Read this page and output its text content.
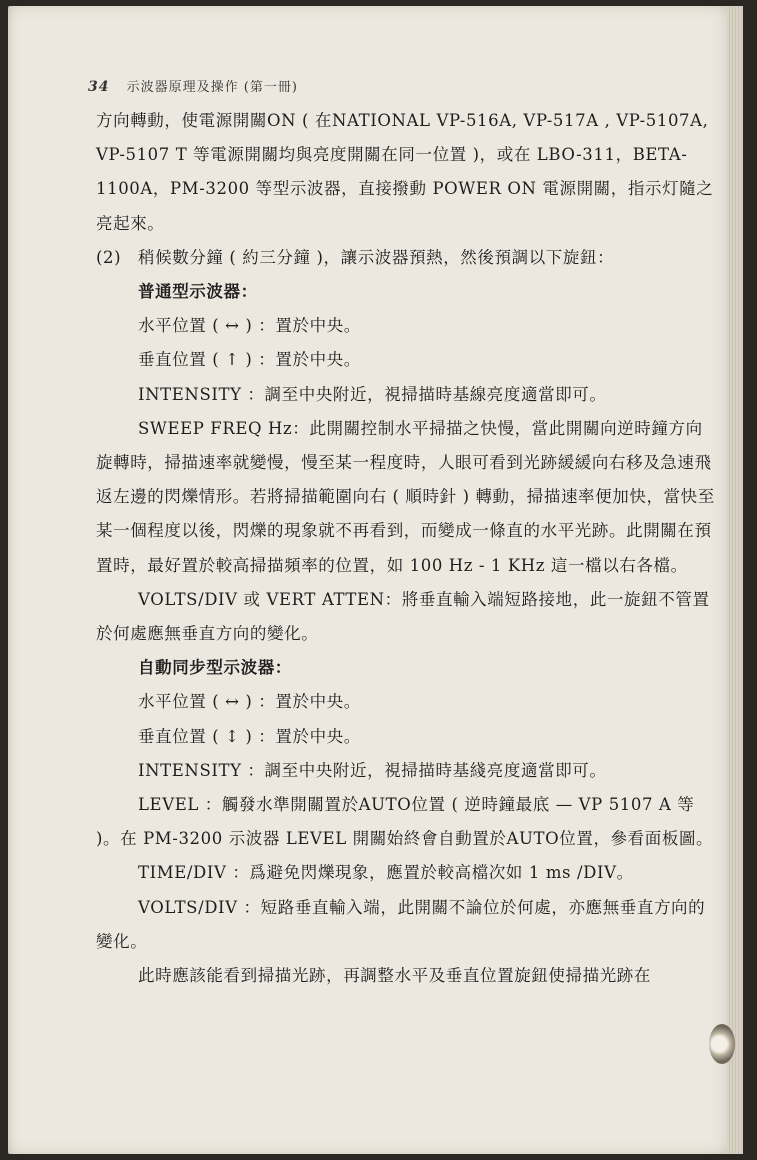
34 示波器原理及操作 (第一冊)

方向轉動，使電源開關ON ( 在NATIONAL VP-516A, VP-517A , VP-5107A, VP-5107 T 等電源開關均與亮度開關在同一位置 )，或在 LBO-311，BETA-1100A，PM-3200 等型示波器，直接撥動 POWER ON 電源開關，指示灯隨之亮起來。

(2) 稍候數分鐘 ( 約三分鐘 )，讓示波器預熱，然後預調以下旋鈕：

普通型示波器：

水平位置 ( ↔ ) ：置於中央。

垂直位置 ( ↑ ) ：置於中央。

INTENSITY ：調至中央附近，視掃描時基線亮度適當即可。

SWEEP FREQ Hz：此開關控制水平掃描之快慢，當此開關向逆時鐘方向旋轉時，掃描速率就變慢，慢至某一程度時，人眼可看到光跡緩緩向右移及急速飛返左邊的閃爍情形。若將掃描範圍向右 ( 順時針 ) 轉動，掃描速率便加快，當快至某一個程度以後，閃爍的現象就不再看到，而變成一條直的水平光跡。此開關在預置時，最好置於較高掃描頻率的位置，如 100 Hz - 1 KHz 這一檔以右各檔。

VOLTS/DIV 或 VERT ATTEN：將垂直輸入端短路接地，此一旋鈕不管置於何處應無垂直方向的變化。

自動同步型示波器：

水平位置 ( ↔ ) ：置於中央。

垂直位置 ( ↕ ) ：置於中央。

INTENSITY ：調至中央附近，視掃描時基綫亮度適當即可。

LEVEL ：觸發水準開關置於AUTO位置 ( 逆時鐘最底 — VP 5107 A 等 )。在 PM-3200 示波器 LEVEL 開關始終會自動置於AUTO位置，參看面板圖。

TIME/DIV ：爲避免閃爍現象，應置於較高檔次如 1 ms /DIV。

VOLTS/DIV ：短路垂直輸入端，此開關不論位於何處，亦應無垂直方向的變化。

此時應該能看到掃描光跡，再調整水平及垂直位置旋鈕使掃描光跡在
